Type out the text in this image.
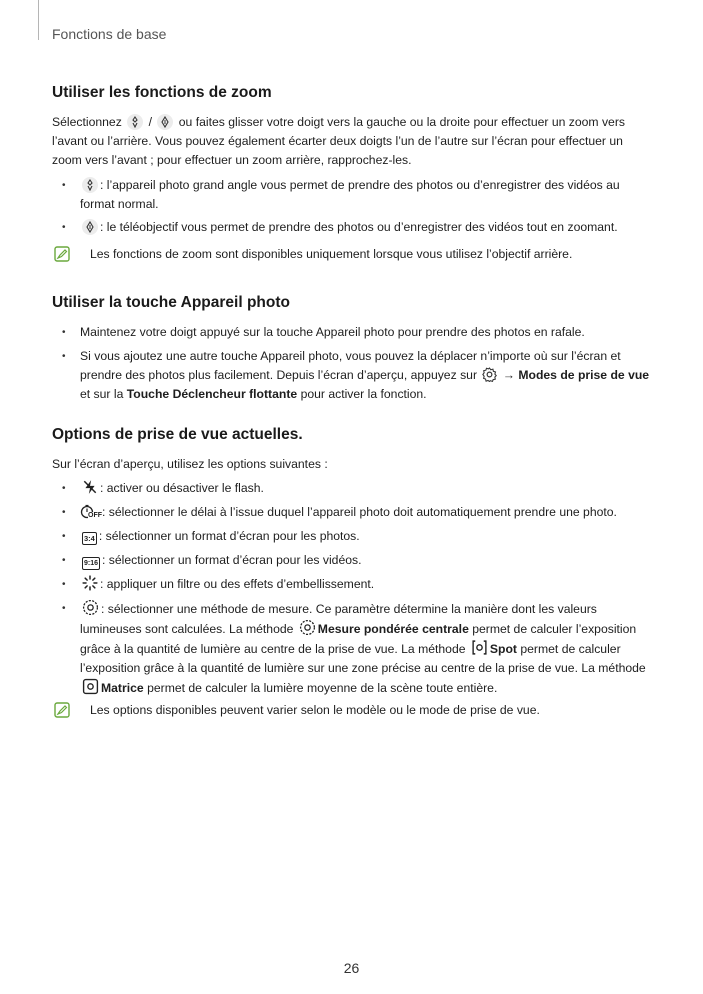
Fonctions de base
Utiliser les fonctions de zoom

Sélectionnez / ou faites glisser votre doigt vers la gauche ou la droite pour effectuer un zoom vers l’avant ou l’arrière. Vous pouvez également écarter deux doigts l’un de l’autre sur l’écran pour effectuer un zoom vers l’avant ; pour effectuer un zoom arrière, rapprochez-les.

• : l’appareil photo grand angle vous permet de prendre des photos ou d’enregistrer des vidéos au format normal.
• : le téléobjectif vous permet de prendre des photos ou d’enregistrer des vidéos tout en zoomant.
Les fonctions de zoom sont disponibles uniquement lorsque vous utilisez l’objectif arrière.
Utiliser la touche Appareil photo
• Maintenez votre doigt appuyé sur la touche Appareil photo pour prendre des photos en rafale.
• Si vous ajoutez une autre touche Appareil photo, vous pouvez la déplacer n’importe où sur l’écran et prendre des photos plus facilement. Depuis l’écran d’aperçu, appuyez sur → Modes de prise de vue et sur la Touche Déclencheur flottante pour activer la fonction.
Options de prise de vue actuelles.

Sur l’écran d’aperçu, utilisez les options suivantes :

• : activer ou désactiver le flash.
• OFF : sélectionner le délai à l’issue duquel l’appareil photo doit automatiquement prendre une photo.
• 3:4 : sélectionner un format d’écran pour les photos.
• 9:16 : sélectionner un format d’écran pour les vidéos.
• : appliquer un filtre ou des effets d’embellissement.
• : sélectionner une méthode de mesure. Ce paramètre détermine la manière dont les valeurs lumineuses sont calculées. La méthode Mesure pondérée centrale permet de calculer l’exposition grâce à la quantité de lumière au centre de la prise de vue. La méthode Spot permet de calculer l’exposition grâce à la quantité de lumière sur une zone précise au centre de la prise de vue. La méthode Matrice permet de calculer la lumière moyenne de la scène toute entière.
Les options disponibles peuvent varier selon le modèle ou le mode de prise de vue.
26
